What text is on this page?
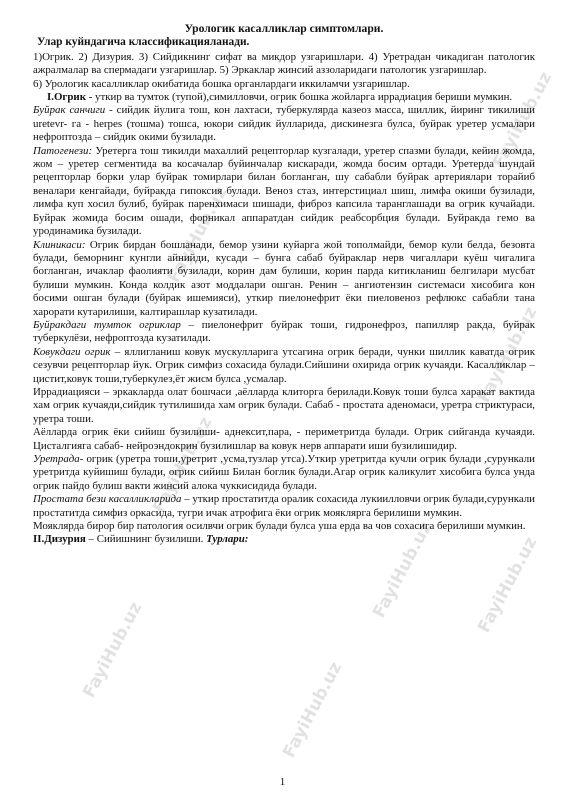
FayiHub.uz
FayiHub.uz
FayiHub.uz
FayiHub.uz
FayiHub.uz FayiHub.uz
FayiHub.uz
FayiHub.uz
Урологик касалликлар симптомлари.
Улар куйндагича классификацияланади.

1)Огрик. 2) Дизурия. 3) Сийдикнинг сифат ва микдор узгаришлари. 4) Уретрадан чикадиган патологик ажралмалар ва спермадаги узгаришлар. 5) Эркаклар жинсий аззоларидаги патологик узгаришлар.

6) Урологик касалликлар окибатида бошка органлардаги иккиламчи узгаришлар.

I.Огрик - уткир ва тумток (тупой),симилловчи, огрик бошка жойларга иррадиация бериши мумкин.

Буйрак санчиги - сийдик йулига тош, кон лахтаси, туберкулярда казеоз масса, шиллик, йиринг тикилиши uretevr- га - herpes (тошма) тошса, юкори сийдик йулларида, дискинезга булса, буйрак уретер усмалари нефроптозда – сийдик окими бузилади.

Патогенези: Уретерга тош тикилди махаллий рецепторлар кузгалади, уретер спазми булади, кейин жомда, жом – уретер сегментида ва косачалар буйинчалар кискаради, жомда босим ортади. Уретерда шундай рецепторлар борки улар буйрак томирлари билан богланган, шу сабабли буйрак артериялари торайиб веналари кенгайади, буйракда гипоксия булади. Веноз стаз, интерстициал шиш, лимфа окиши бузилади, лимфа куп хосил булиб, буйрак паренхимаси шишади, фиброз капсила таранглашади ва огрик кучайади. Буйрак жомида босим ошади, форникал аппаратдан сийдик реабсорбция булади. Буйракда гемо ва уродинамика бузилади.

Клиникаси: Огрик бирдан бошланади, бемор узини куйарга жой тополмайди, бемор кули белда, безовта булади, беморнинг кунгли айнийди, кусади – бунга сабаб буйраклар нерв чигаллари куёш чигалига богланган, ичаклар фаолияти бузилади, корин дам булиши, корин парда китикланиш белгилари мусбат булиши мумкин. Конда колдик азот моддалари ошган. Ренин – ангиотензин системаси хисобига кон босими ошган булади (буйрак ишемияси), уткир пиелонефрит ёки пиеловеноз рефлюкс сабабли тана харорати кутарилиши, калтирашлар кузатилади.

Буйракдаги тумток огриклар – пиелонефрит буйрак тоши, гидронефроз, папилляр ракда, буйрак туберкулёзи, нефроптозда кузатилади.

Ковукдаги огрик – яллигланиш ковук мускулларига утсагина огрик беради, чунки шиллик каватда огрик сезувчи рецепторлар йук. Огрик симфиз сохасида булади.Сийшини охирида огрик кучаяди. Касалликлар – цистит,ковук тоши,туберкулез,ёт жисм булса ,усмалар.

Иррадиацияси – эркакларда олат бошчаси ,аёлларда клиторга берилади.Ковук тоши булса харакат вактида хам огрик кучаяди,сийдик тутилишида хам огрик булади. Сабаб - простата аденомаси, уретра стриктураси, уретра тоши.

Аёлларда огрик ёки сийиш бузилиши- аднексит,пара, - периметритда булади. Огрик сийганда кучаяди. Цисталгияга сабаб- нейроэндокрин бузилишлар ва ковук нерв аппарати иши бузилишидир.

Уретрада- огрик (уретра тоши,уретрит ,усма,тузлар утса).Уткир уретритда кучли огрик булади ,сурункали уретритда куйишиш булади, огрик сийиш Билан боглик булади.Агар огрик каликулит хисобига булса унда огрик пайдо булиш вакти жинсий алока чуккисидида булади.

Простата бези касалликларида – уткир простатитда оралик сохасида лукиилловчи огрик булади,сурункали простатитда симфиз оркасида, тугри ичак атрофига ёки огрик мояклярга берилиши мумкин.

Мояклярда бирор бир патология осилвчи огрик булади булса уша ерда ва чов сохасига берилиши мумкин.

II.Дизурия – Сийишнинг бузилиши. Турлари:

1
